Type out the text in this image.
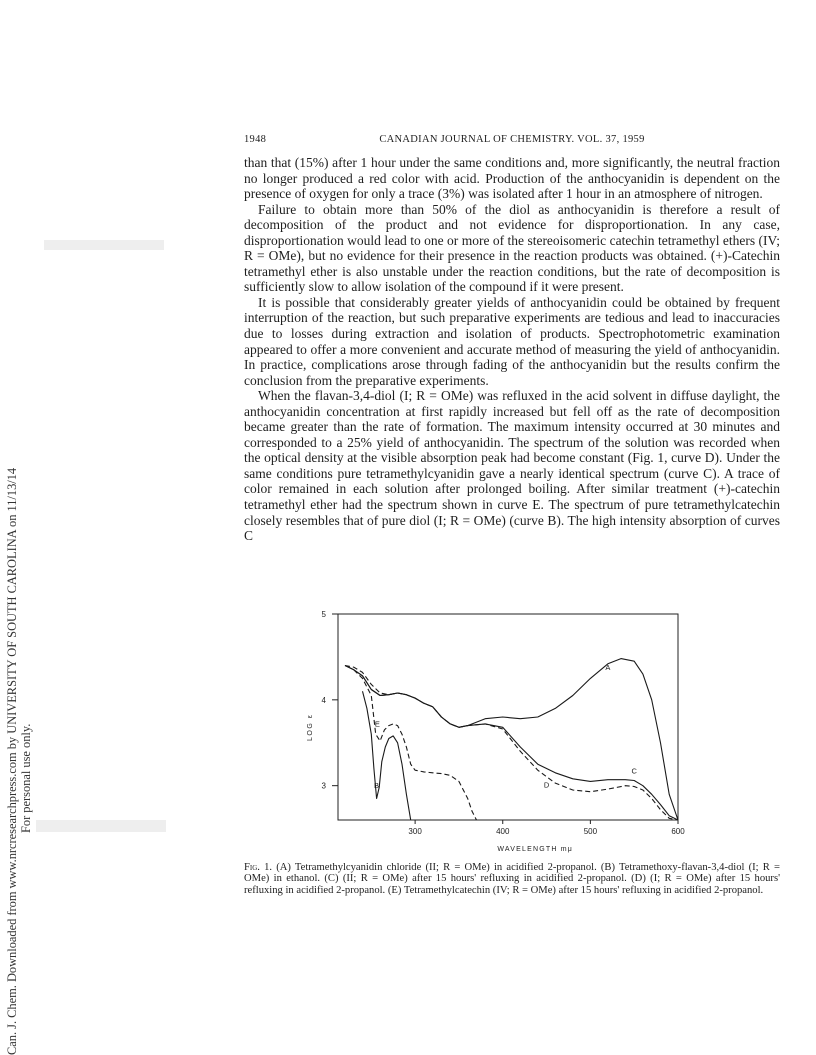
Can. J. Chem. Downloaded from www.nrcresearchpress.com by UNIVERSITY OF SOUTH CAROLINA on 11/13/14 For personal use only.
1948	CANADIAN JOURNAL OF CHEMISTRY. VOL. 37, 1959

than that (15%) after 1 hour under the same conditions and, more significantly, the neutral fraction no longer produced a red color with acid. Production of the anthocyanidin is dependent on the presence of oxygen for only a trace (3%) was isolated after 1 hour in an atmosphere of nitrogen.

Failure to obtain more than 50% of the diol as anthocyanidin is therefore a result of decomposition of the product and not evidence for disproportionation. In any case, disproportionation would lead to one or more of the stereoisomeric catechin tetramethyl ethers (IV; R = OMe), but no evidence for their presence in the reaction products was obtained. (+)-Catechin tetramethyl ether is also unstable under the reaction conditions, but the rate of decomposition is sufficiently slow to allow isolation of the compound if it were present.

It is possible that considerably greater yields of anthocyanidin could be obtained by frequent interruption of the reaction, but such preparative experiments are tedious and lead to inaccuracies due to losses during extraction and isolation of products. Spectrophotometric examination appeared to offer a more convenient and accurate method of measuring the yield of anthocyanidin. In practice, complications arose through fading of the anthocyanidin but the results confirm the conclusion from the preparative experiments.

When the flavan-3,4-diol (I; R = OMe) was refluxed in the acid solvent in diffuse daylight, the anthocyanidin concentration at first rapidly increased but fell off as the rate of decomposition became greater than the rate of formation. The maximum intensity occurred at 30 minutes and corresponded to a 25% yield of anthocyanidin. The spectrum of the solution was recorded when the optical density at the visible absorption peak had become constant (Fig. 1, curve D). Under the same conditions pure tetramethylcyanidin gave a nearly identical spectrum (curve C). A trace of color remained in each solution after prolonged boiling. After similar treatment (+)-catechin tetramethyl ether had the spectrum shown in curve E. The spectrum of pure tetramethylcatechin closely resembles that of pure diol (I; R = OMe) (curve B). The high intensity absorption of curves C

3
4
5
300	400	500	600
WAVELENGTH mμ
LOG ε
A
B
C
D
E
Fig. 1. (A) Tetramethylcyanidin chloride (II; R = OMe) in acidified 2-propanol. (B) Tetramethoxy-flavan-3,4-diol (I; R = OMe) in ethanol. (C) (II; R = OMe) after 15 hours' refluxing in acidified 2-propanol. (D) (I; R = OMe) after 15 hours' refluxing in acidified 2-propanol. (E) Tetramethylcatechin (IV; R = OMe) after 15 hours' refluxing in acidified 2-propanol.
